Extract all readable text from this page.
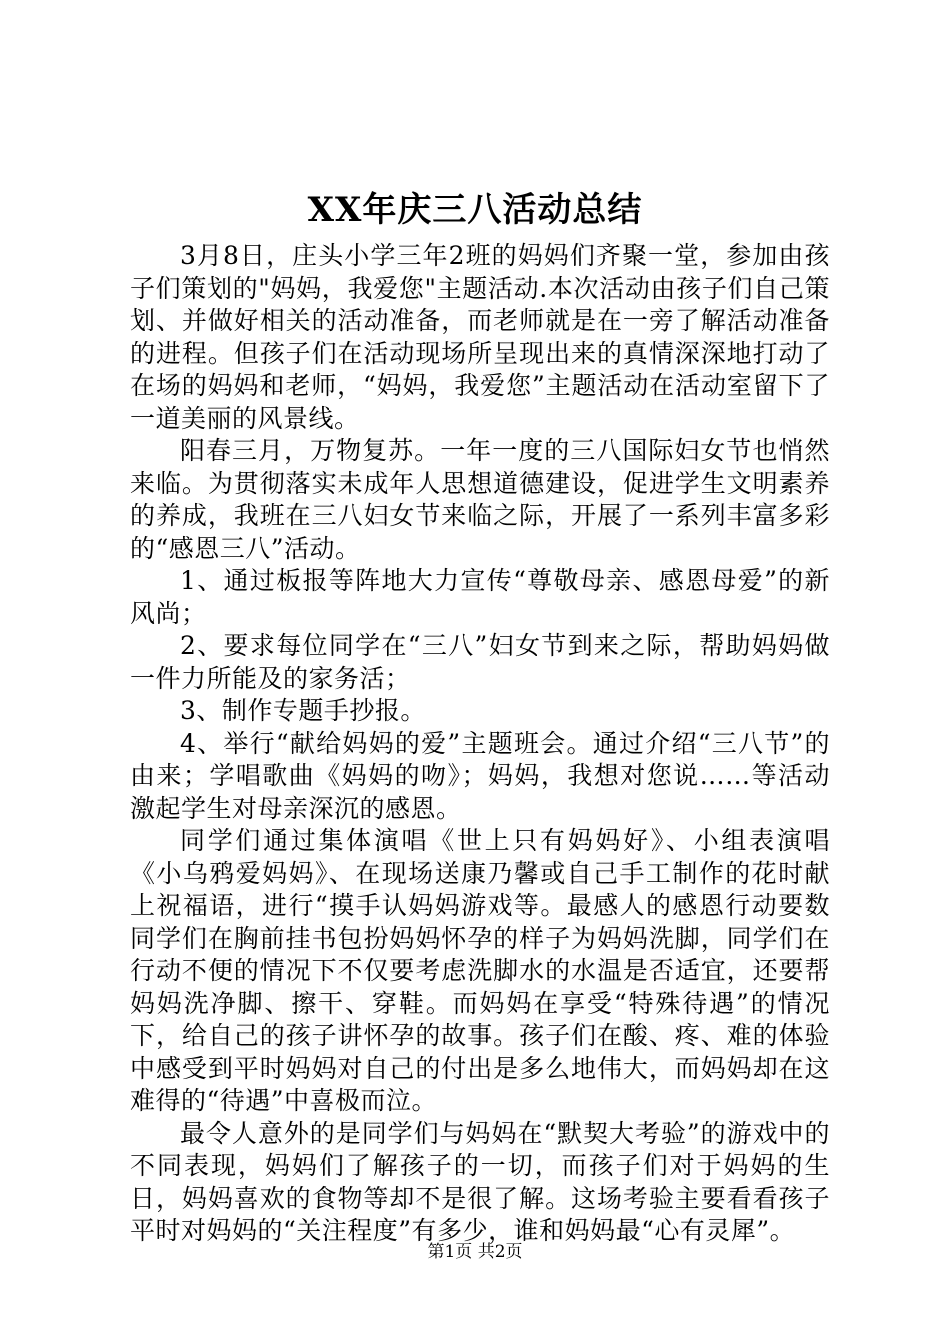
XX年庆三八活动总结

3月8日，庄头小学三年2班的妈妈们齐聚一堂，参加由孩子们策划的"妈妈，我爱您"主题活动.本次活动由孩子们自己策划、并做好相关的活动准备，而老师就是在一旁了解活动准备的进程。但孩子们在活动现场所呈现出来的真情深深地打动了在场的妈妈和老师，“妈妈，我爱您”主题活动在活动室留下了一道美丽的风景线。

阳春三月，万物复苏。一年一度的三八国际妇女节也悄然来临。为贯彻落实未成年人思想道德建设，促进学生文明素养的养成，我班在三八妇女节来临之际，开展了一系列丰富多彩的“感恩三八”活动。

1、通过板报等阵地大力宣传“尊敬母亲、感恩母爱”的新风尚；

2、要求每位同学在“三八”妇女节到来之际，帮助妈妈做一件力所能及的家务活；

3、制作专题手抄报。

4、举行“献给妈妈的爱”主题班会。通过介绍“三八节”的由来；学唱歌曲《妈妈的吻》；妈妈，我想对您说……等活动激起学生对母亲深沉的感恩。

同学们通过集体演唱《世上只有妈妈好》、小组表演唱《小乌鸦爱妈妈》、在现场送康乃馨或自己手工制作的花时献上祝福语，进行“摸手认妈妈游戏等。最感人的感恩行动要数同学们在胸前挂书包扮妈妈怀孕的样子为妈妈洗脚，同学们在行动不便的情况下不仅要考虑洗脚水的水温是否适宜，还要帮妈妈洗净脚、擦干、穿鞋。而妈妈在享受“特殊待遇”的情况下，给自己的孩子讲怀孕的故事。孩子们在酸、疼、难的体验中感受到平时妈妈对自己的付出是多么地伟大，而妈妈却在这难得的“待遇”中喜极而泣。

最令人意外的是同学们与妈妈在“默契大考验”的游戏中的不同表现，妈妈们了解孩子的一切，而孩子们对于妈妈的生日，妈妈喜欢的食物等却不是很了解。这场考验主要看看孩子平时对妈妈的“关注程度”有多少，谁和妈妈最“心有灵犀”。

第1页 共2页
